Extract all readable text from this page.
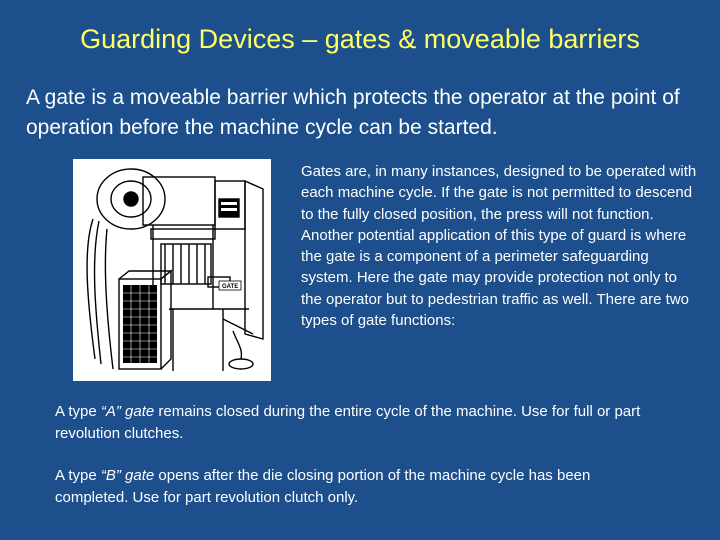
Guarding Devices – gates & moveable barriers
A gate is a moveable barrier which protects the operator at the point of operation before the machine cycle can be started.
GATE
Gates are, in many instances, designed to be operated with each machine cycle. If the gate is not permitted to descend to the fully closed position, the press will not function. Another potential application of this type of guard is where the gate is a component of a perimeter safeguarding system. Here the gate may provide protection not only to the operator but to pedestrian traffic as well. There are two types of gate functions:
A type “A” gate remains closed during the entire cycle of the machine. Use for full or part revolution clutches.
A type “B” gate opens after the die closing portion of the machine cycle has been completed. Use for part revolution clutch only.
